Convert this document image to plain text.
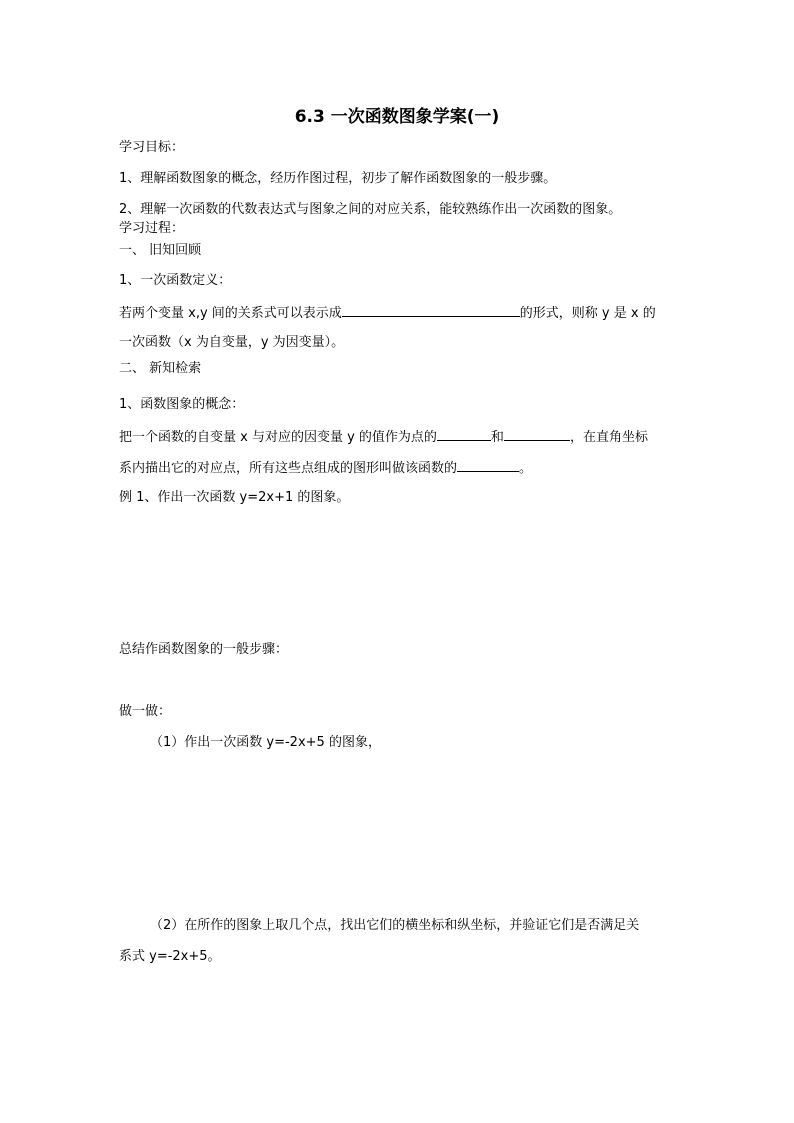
6.3 一次函数图象学案(一)
学习目标：
1、理解函数图象的概念，经历作图过程，初步了解作函数图象的一般步骤。
2、理解一次函数的代数表达式与图象之间的对应关系，能较熟练作出一次函数的图象。
学习过程：
一、 旧知回顾
1、一次函数定义：
若两个变量 x,y 间的关系式可以表示成	的形式，则称 y 是 x 的
一次函数（x 为自变量，y 为因变量）。
二、 新知检索
1、函数图象的概念：
把一个函数的自变量 x 与对应的因变量 y 的值作为点的	和	，在直角坐标
系内描出它的对应点，所有这些点组成的图形叫做该函数的	。
例 1、作出一次函数 y=2x+1 的图象。
总结作函数图象的一般步骤：
做一做：
（1）作出一次函数 y=-2x+5 的图象，
（2）在所作的图象上取几个点，找出它们的横坐标和纵坐标，并验证它们是否满足关
系式 y=-2x+5。
